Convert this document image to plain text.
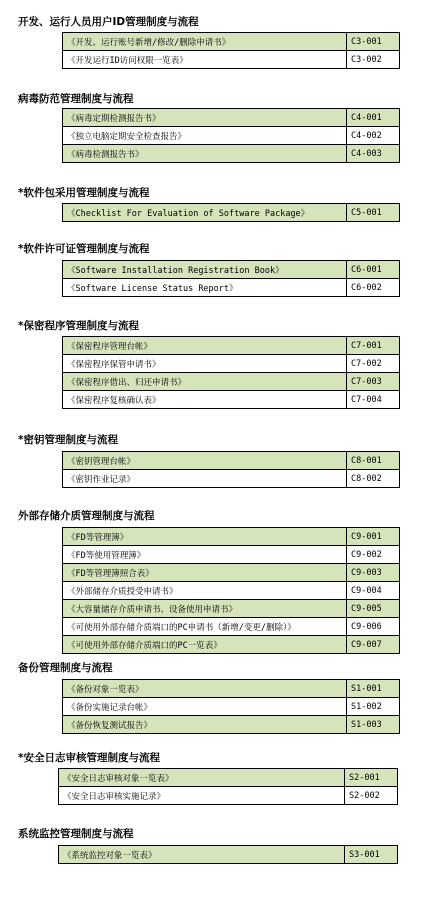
开发、运行人员用户ID管理制度与流程
《开发、运行账号新增/修改/删除申请书》	C3-001
《开发运行ID访问权限一览表》	C3-002
病毒防范管理制度与流程
《病毒定期检测报告书》	C4-001
《独立电脑定期安全检查报告》	C4-002
《病毒检测报告书》	C4-003
*软件包采用管理制度与流程
《Checklist For Evaluation of Software Package》	C5-001
*软件许可证管理制度与流程
《Software Installation Registration Book》	C6-001
《Software License Status Report》	C6-002
*保密程序管理制度与流程
《保密程序管理台帐》	C7-001
《保密程序保管申请书》	C7-002
《保密程序借出、归还申请书》	C7-003
《保密程序复核确认表》	C7-004
*密钥管理制度与流程
《密钥管理台帐》	C8-001
《密钥作业记录》	C8-002
外部存储介质管理制度与流程
《FD等管理簿》	C9-001
《FD等使用管理簿》	C9-002
《FD等管理簿照合表》	C9-003
《外部储存介质授受申请书》	C9-004
《大容量储存介质申请书、设备使用申请书》	C9-005
《可使用外部存储介质端口的PC申请书（新增/变更/删除）》	C9-006
《可使用外部存储介质端口的PC一览表》	C9-007
备份管理制度与流程
《备份对象一览表》	S1-001
《备份实施记录台帐》	S1-002
《备份恢复测试报告》	S1-003
*安全日志审核管理制度与流程
《安全日志审核对象一览表》	S2-001
《安全日志审核实施记录》	S2-002
系统监控管理制度与流程
《系统监控对象一览表》	S3-001
